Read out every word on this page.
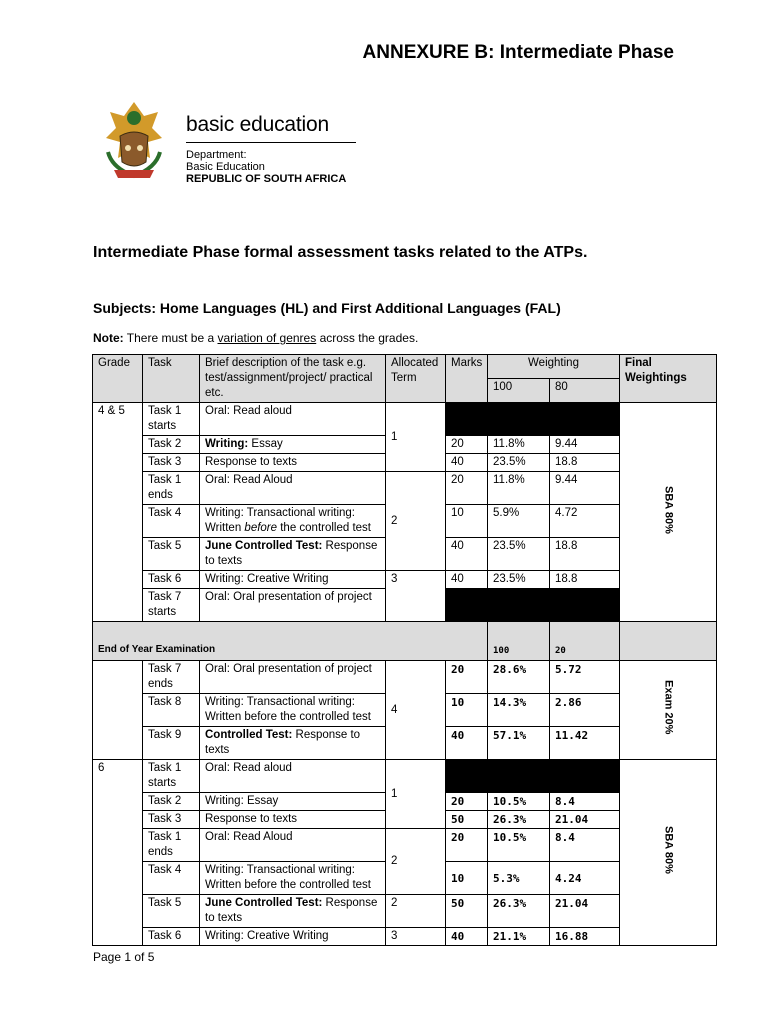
ANNEXURE B: Intermediate Phase
basic education
Department:
Basic Education
REPUBLIC OF SOUTH AFRICA
Intermediate Phase formal assessment tasks related to the ATPs.
Subjects: Home Languages (HL) and First Additional Languages (FAL)
Note: There must be a variation of genres across the grades.
Grade	Task	Brief description of the task e.g. test/assignment/project/ practical etc.	Allocated Term	Marks	Weighting		Final Weightings
					100	80	
4 & 5	Task 1 starts	Oral: Read aloud	1				SBA 80%
	Task 2	Writing: Essay		20	11.8%	9.44	
	Task 3	Response to texts		40	23.5%	18.8	
	Task 1 ends	Oral: Read Aloud	2	20	11.8%	9.44	
	Task 4	Writing: Transactional writing: Written before the controlled test		10	5.9%	4.72	
	Task 5	June Controlled Test: Response to texts		40	23.5%	18.8	
	Task 6	Writing: Creative Writing	3	40	23.5%	18.8	
	Task 7 starts	Oral: Oral presentation of project					
End of Year Examination					100	20	
	Task 7 ends	Oral: Oral presentation of project	4	20	28.6%	5.72	Exam 20%
	Task 8	Writing: Transactional writing: Written before the controlled test		10	14.3%	2.86	
	Task 9	Controlled Test: Response to texts		40	57.1%	11.42	
6	Task 1 starts	Oral: Read aloud	1				SBA 80%
	Task 2	Writing: Essay		20	10.5%	8.4	
	Task 3	Response to texts		50	26.3%	21.04	
	Task 1 ends	Oral: Read Aloud	2	20	10.5%	8.4	
	Task 4	Writing: Transactional writing: Written before the controlled test		10	5.3%	4.24	
	Task 5	June Controlled Test: Response to texts	2	50	26.3%	21.04	
	Task 6	Writing: Creative Writing	3	40	21.1%	16.88	
Page 1 of 5
